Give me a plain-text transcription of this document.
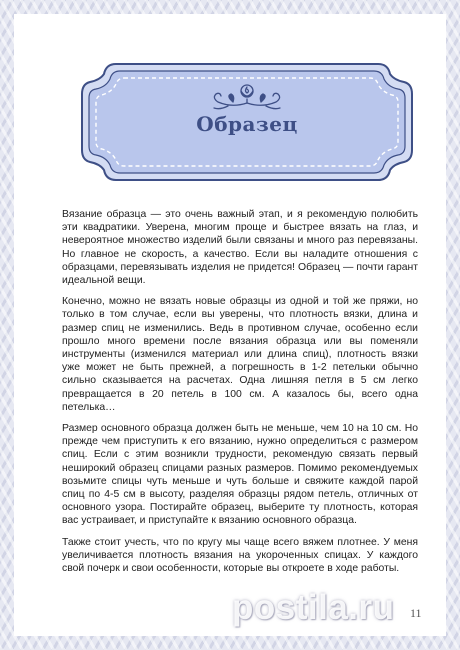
Образец

Вязание образца — это очень важный этап, и я рекомендую полюбить эти квадратики. Уверена, многим проще и быстрее вязать на глаз, и невероятное множество изделий были связаны и много раз перевязаны. Но главное не скорость, а качество. Если вы наладите отношения с образцами, перевязывать изделия не придется! Образец — почти гарант идеальной вещи.

Конечно, можно не вязать новые образцы из одной и той же пряжи, но только в том случае, если вы уверены, что плотность вязки, длина и размер спиц не изменились. Ведь в противном случае, особенно если прошло много времени после вязания образца или вы поменяли инструменты (изменился материал или длина спиц), плотность вязки уже может не быть прежней, а погрешность в 1-2 петельки обычно сильно сказывается на расчетах. Одна лишняя петля в 5 см легко превращается в 20 петель в 100 см. А казалось бы, всего одна петелька…

Размер основного образца должен быть не меньше, чем 10 на 10 см. Но прежде чем приступить к его вязанию, нужно определиться с размером спиц. Если с этим возникли трудности, рекомендую связать первый неширокий образец спицами разных размеров. Помимо рекомендуемых возьмите спицы чуть меньше и чуть больше и свяжите каждой парой спиц по 4-5 см в высоту, разделяя образцы рядом петель, отличных от основного узора. Постирайте образец, выберите ту плотность, которая вас устраивает, и приступайте к вязанию основного образца.

Также стоит учесть, что по кругу мы чаще всего вяжем плотнее. У меня увеличивается плотность вязания на укороченных спицах. У каждого свой почерк и свои особенности, которые вы откроете в ходе работы.

postila.ru 11
